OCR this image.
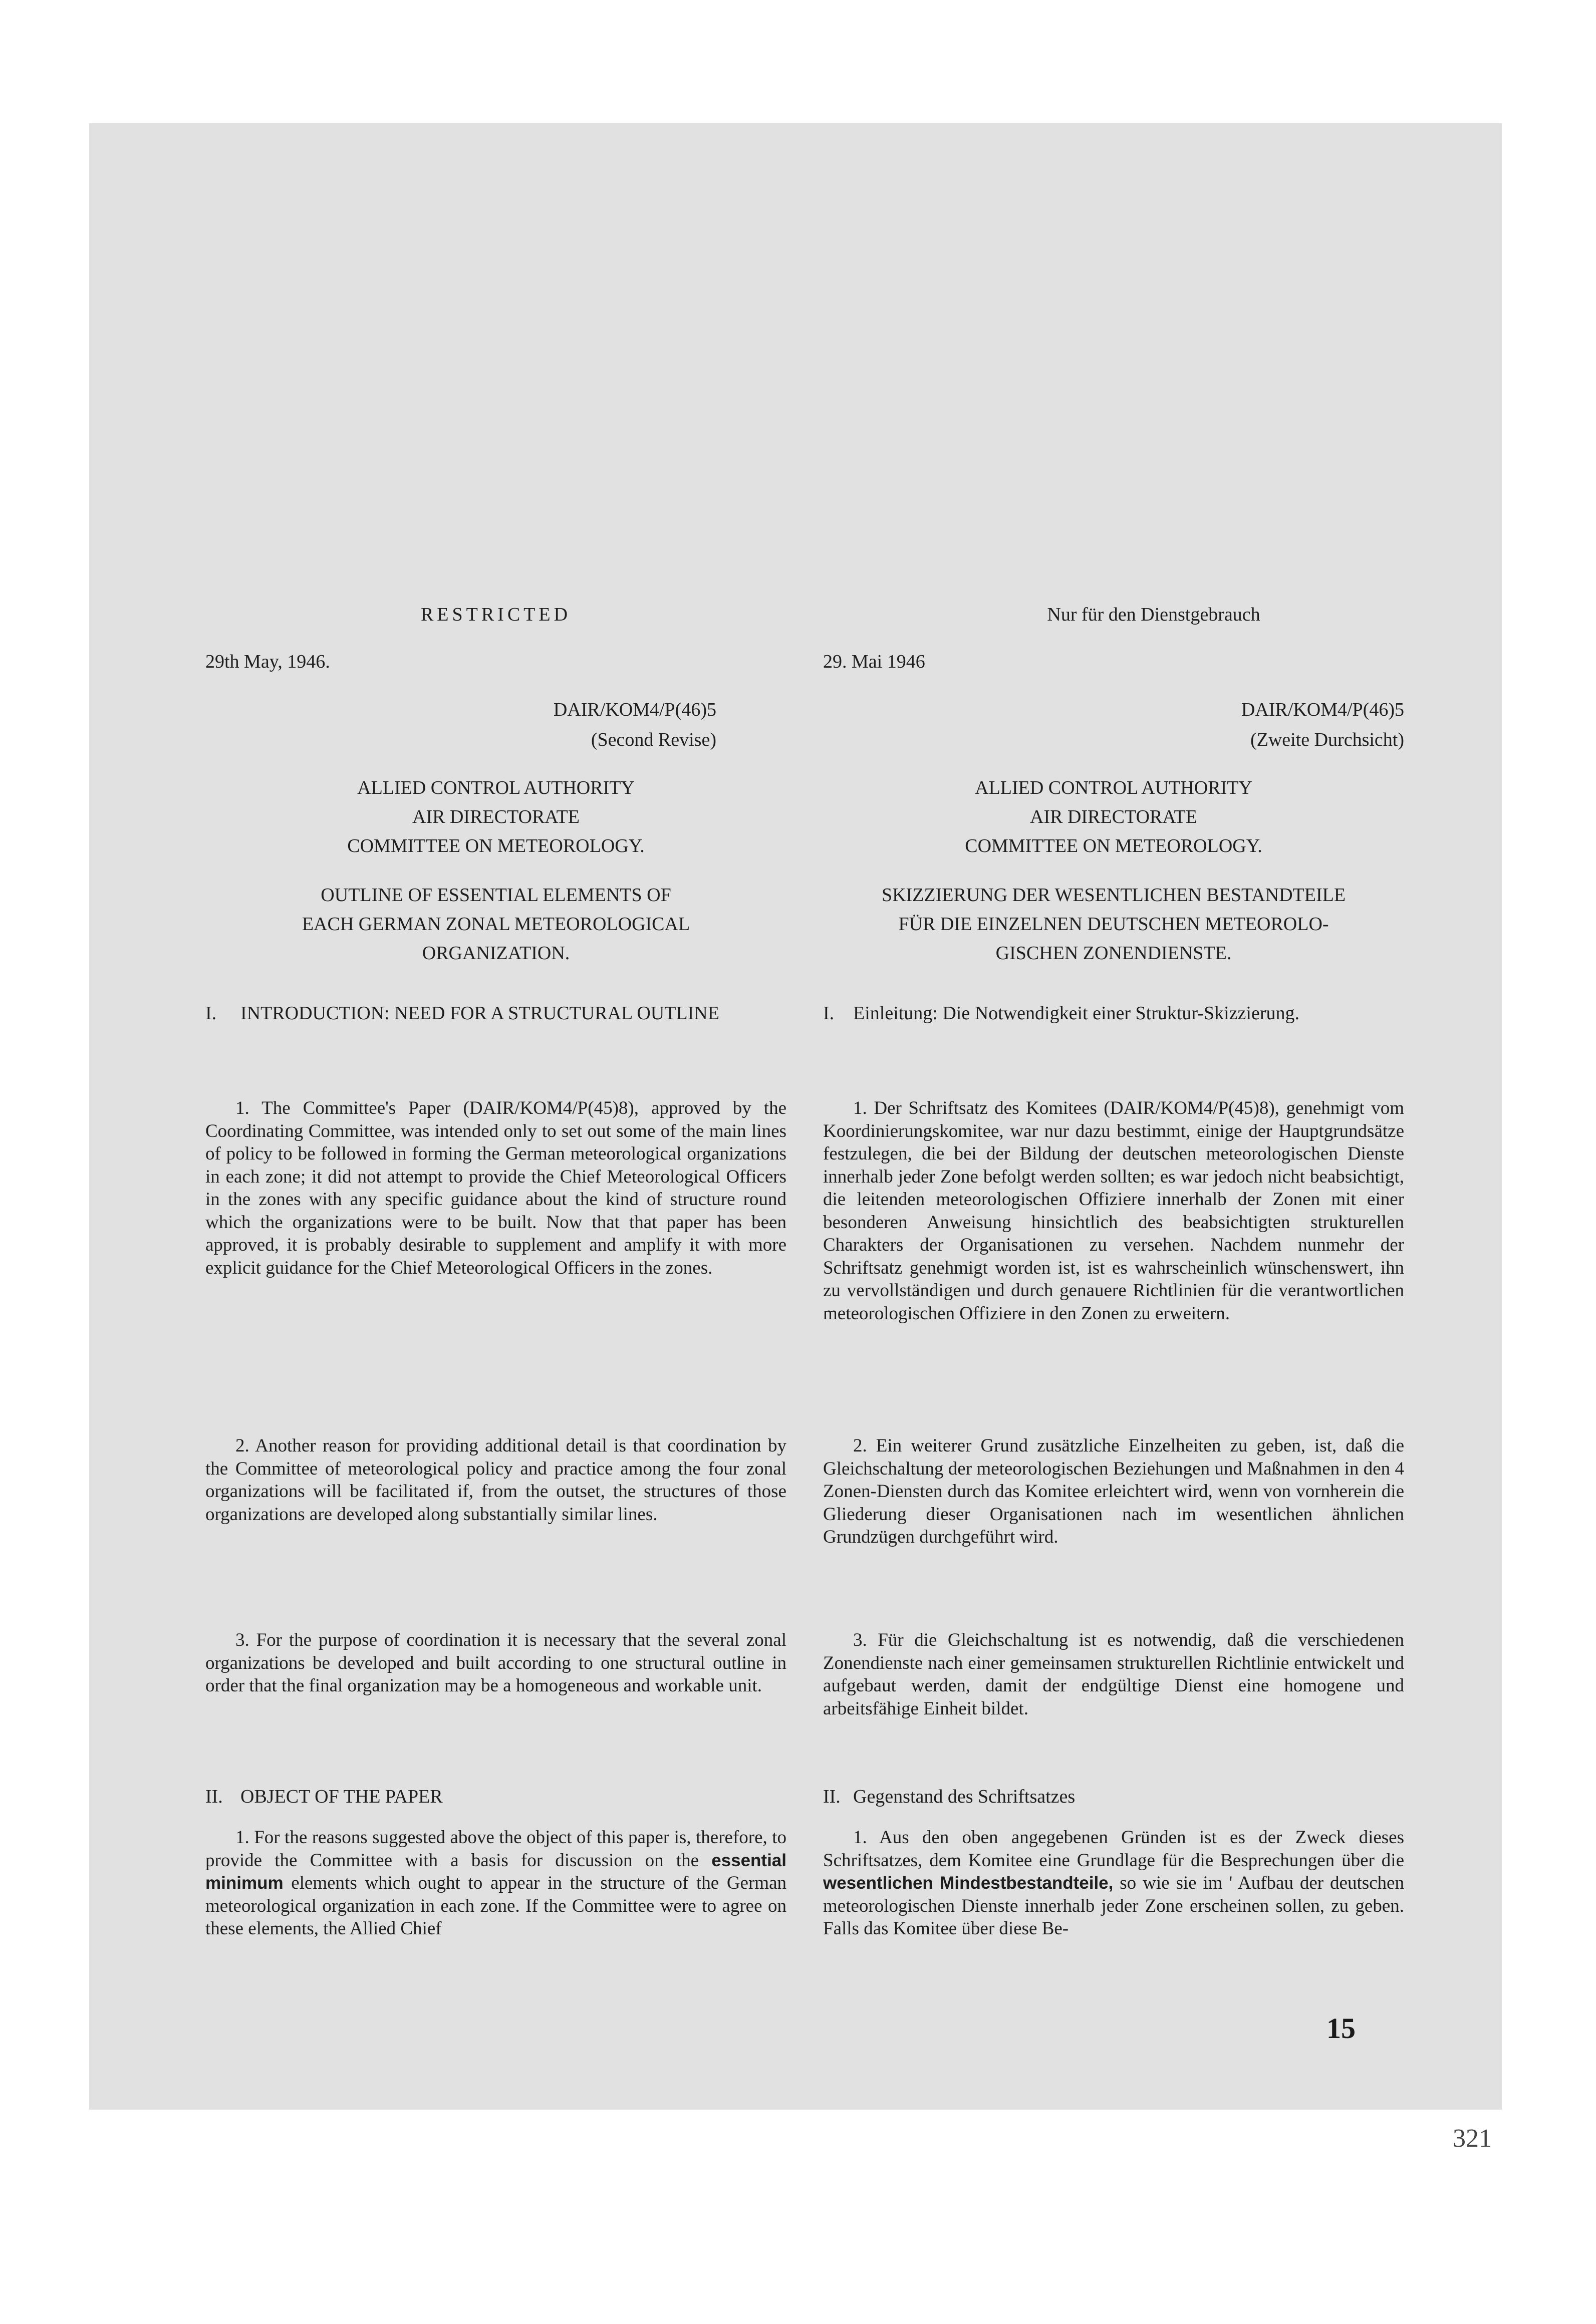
RESTRICTED
29th May, 1946.
DAIR/KOM4/P(46)5
(Second Revise)
ALLIED CONTROL AUTHORITY
AIR DIRECTORATE
COMMITTEE ON METEOROLOGY.
OUTLINE OF ESSENTIAL ELEMENTS OF
EACH GERMAN ZONAL METEOROLOGICAL
ORGANIZATION.
I.	INTRODUCTION: NEED FOR A STRUCTURAL OUTLINE

1. The Committee's Paper (DAIR/KOM4/P(45)8), approved by the Coordinating Committee, was intended only to set out some of the main lines of policy to be followed in forming the German meteorological organizations in each zone; it did not attempt to provide the Chief Meteorological Officers in the zones with any specific guidance about the kind of structure round which the organizations were to be built. Now that that paper has been approved, it is probably desirable to supplement and amplify it with more explicit guidance for the Chief Meteorological Officers in the zones.

2. Another reason for providing additional detail is that coordination by the Committee of meteorological policy and practice among the four zonal organizations will be facilitated if, from the outset, the structures of those organizations are developed along substantially similar lines.

3. For the purpose of coordination it is necessary that the several zonal organizations be developed and built according to one structural outline in order that the final organization may be a homogeneous and workable unit.

II. OBJECT OF THE PAPER

1. For the reasons suggested above the object of this paper is, therefore, to provide the Committee with a basis for discussion on the essential minimum elements which ought to appear in the structure of the German meteorological organization in each zone. If the Committee were to agree on these elements, the Allied Chief

Nur für den Dienstgebrauch
29. Mai 1946
DAIR/KOM4/P(46)5
(Zweite Durchsicht)
ALLIED CONTROL AUTHORITY
AIR DIRECTORATE
COMMITTEE ON METEOROLOGY.
SKIZZIERUNG DER WESENTLICHEN BESTANDTEILE
FÜR DIE EINZELNEN DEUTSCHEN METEOROLO-
GISCHEN ZONENDIENSTE.
I. Einleitung: Die Notwendigkeit einer Struktur-Skizzierung.

1. Der Schriftsatz des Komitees (DAIR/KOM4/P(45)8), genehmigt vom Koordinierungskomitee, war nur dazu bestimmt, einige der Hauptgrundsätze festzulegen, die bei der Bildung der deutschen meteorologischen Dienste innerhalb jeder Zone befolgt werden sollten; es war jedoch nicht beabsichtigt, die leitenden meteorologischen Offiziere innerhalb der Zonen mit einer besonderen Anweisung hinsichtlich des beabsichtigten strukturellen Charakters der Organisationen zu versehen. Nachdem nunmehr der Schriftsatz genehmigt worden ist, ist es wahrscheinlich wünschenswert, ihn zu vervollständigen und durch genauere Richtlinien für die verantwortlichen meteorologischen Offiziere in den Zonen zu erweitern.

2. Ein weiterer Grund zusätzliche Einzelheiten zu geben, ist, daß die Gleichschaltung der meteorologischen Beziehungen und Maßnahmen in den 4 Zonen-Diensten durch das Komitee erleichtert wird, wenn von vornherein die Gliederung dieser Organisationen nach im wesentlichen ähnlichen Grundzügen durchgeführt wird.

3. Für die Gleichschaltung ist es notwendig, daß die verschiedenen Zonendienste nach einer gemeinsamen strukturellen Richtlinie entwickelt und aufgebaut werden, damit der endgültige Dienst eine homogene und arbeitsfähige Einheit bildet.

II. Gegenstand des Schriftsatzes

1. Aus den oben angegebenen Gründen ist es der Zweck dieses Schriftsatzes, dem Komitee eine Grundlage für die Besprechungen über die wesentlichen Mindestbestandteile, so wie sie im ' Aufbau der deutschen meteorologischen Dienste innerhalb jeder Zone erscheinen sollen, zu geben. Falls das Komitee über diese Be-

15
321
